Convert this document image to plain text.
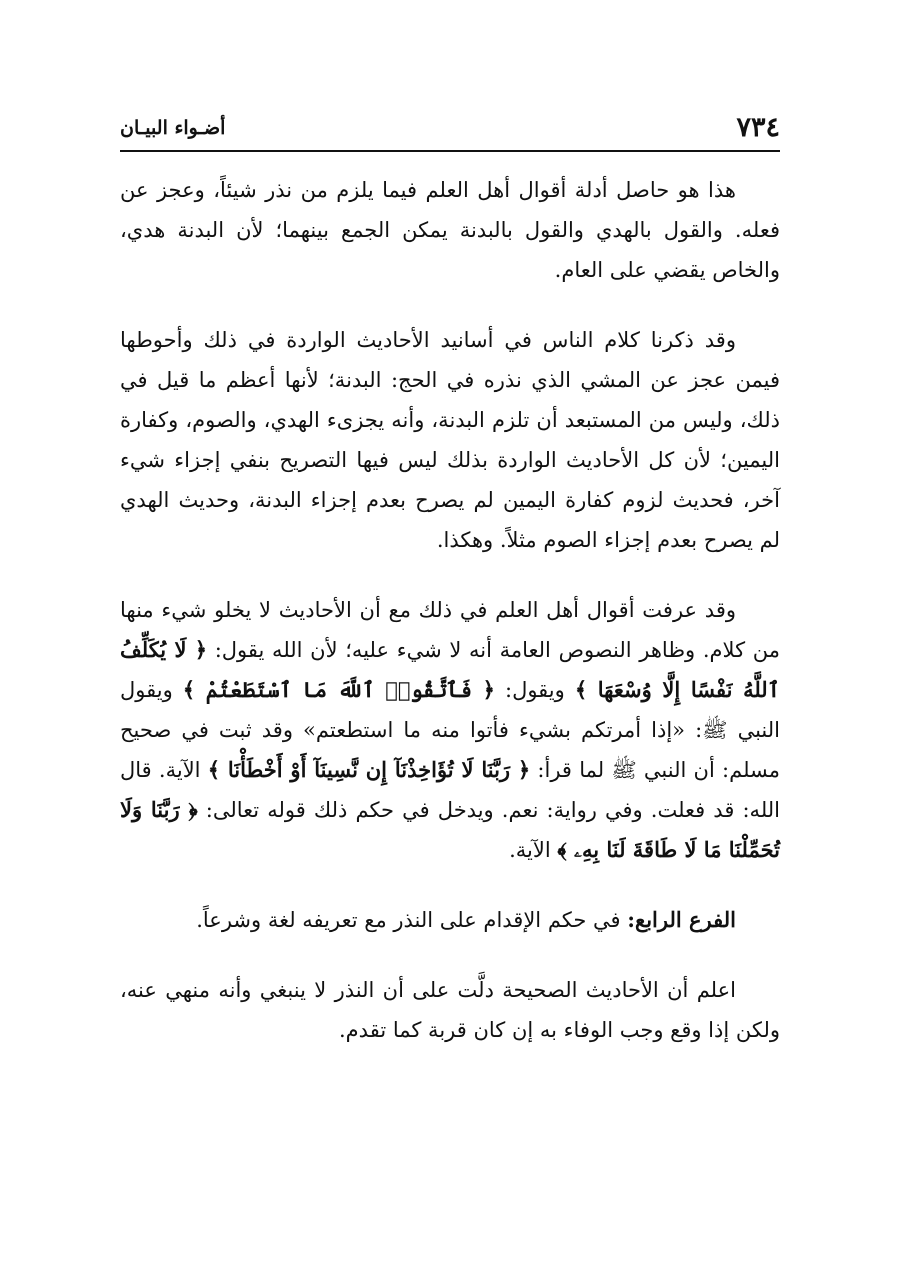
٧٣٤
أضـواء البيـان

هذا هو حاصل أدلة أقوال أهل العلم فيما يلزم من نذر شيئاً، وعجز عن فعله. والقول بالهدي والقول بالبدنة يمكن الجمع بينهما؛ لأن البدنة هدي، والخاص يقضي على العام.

وقد ذكرنا كلام الناس في أسانيد الأحاديث الواردة في ذلك وأحوطها فيمن عجز عن المشي الذي نذره في الحج: البدنة؛ لأنها أعظم ما قيل في ذلك، وليس من المستبعد أن تلزم البدنة، وأنه يجزىء الهدي، والصوم، وكفارة اليمين؛ لأن كل الأحاديث الواردة بذلك ليس فيها التصريح بنفي إجزاء شيء آخر، فحديث لزوم كفارة اليمين لم يصرح بعدم إجزاء البدنة، وحديث الهدي لم يصرح بعدم إجزاء الصوم مثلاً. وهكذا.

وقد عرفت أقوال أهل العلم في ذلك مع أن الأحاديث لا يخلو شيء منها من كلام. وظاهر النصوص العامة أنه لا شيء عليه؛ لأن الله يقول: ﴿ لَا يُكَلِّفُ ٱللَّهُ نَفْسًا إِلَّا وُسْعَهَا ﴾ ويقول: ﴿ فَٱتَّقُوا۟ ٱللَّهَ مَا ٱسْتَطَعْتُمْ ﴾ ويقول النبي ﷺ: «إذا أمرتكم بشيء فأتوا منه ما استطعتم» وقد ثبت في صحيح مسلم: أن النبي ﷺ لما قرأ: ﴿ رَبَّنَا لَا تُؤَاخِذْنَآ إِن نَّسِينَآ أَوْ أَخْطَأْنَا ﴾ الآية. قال الله: قد فعلت. وفي رواية: نعم. ويدخل في حكم ذلك قوله تعالى: ﴿ رَبَّنَا وَلَا تُحَمِّلْنَا مَا لَا طَاقَةَ لَنَا بِهِۦ ﴾ الآية.

الفرع الرابع: في حكم الإقدام على النذر مع تعريفه لغة وشرعاً.

اعلم أن الأحاديث الصحيحة دلَّت على أن النذر لا ينبغي وأنه منهي عنه، ولكن إذا وقع وجب الوفاء به إن كان قربة كما تقدم.
